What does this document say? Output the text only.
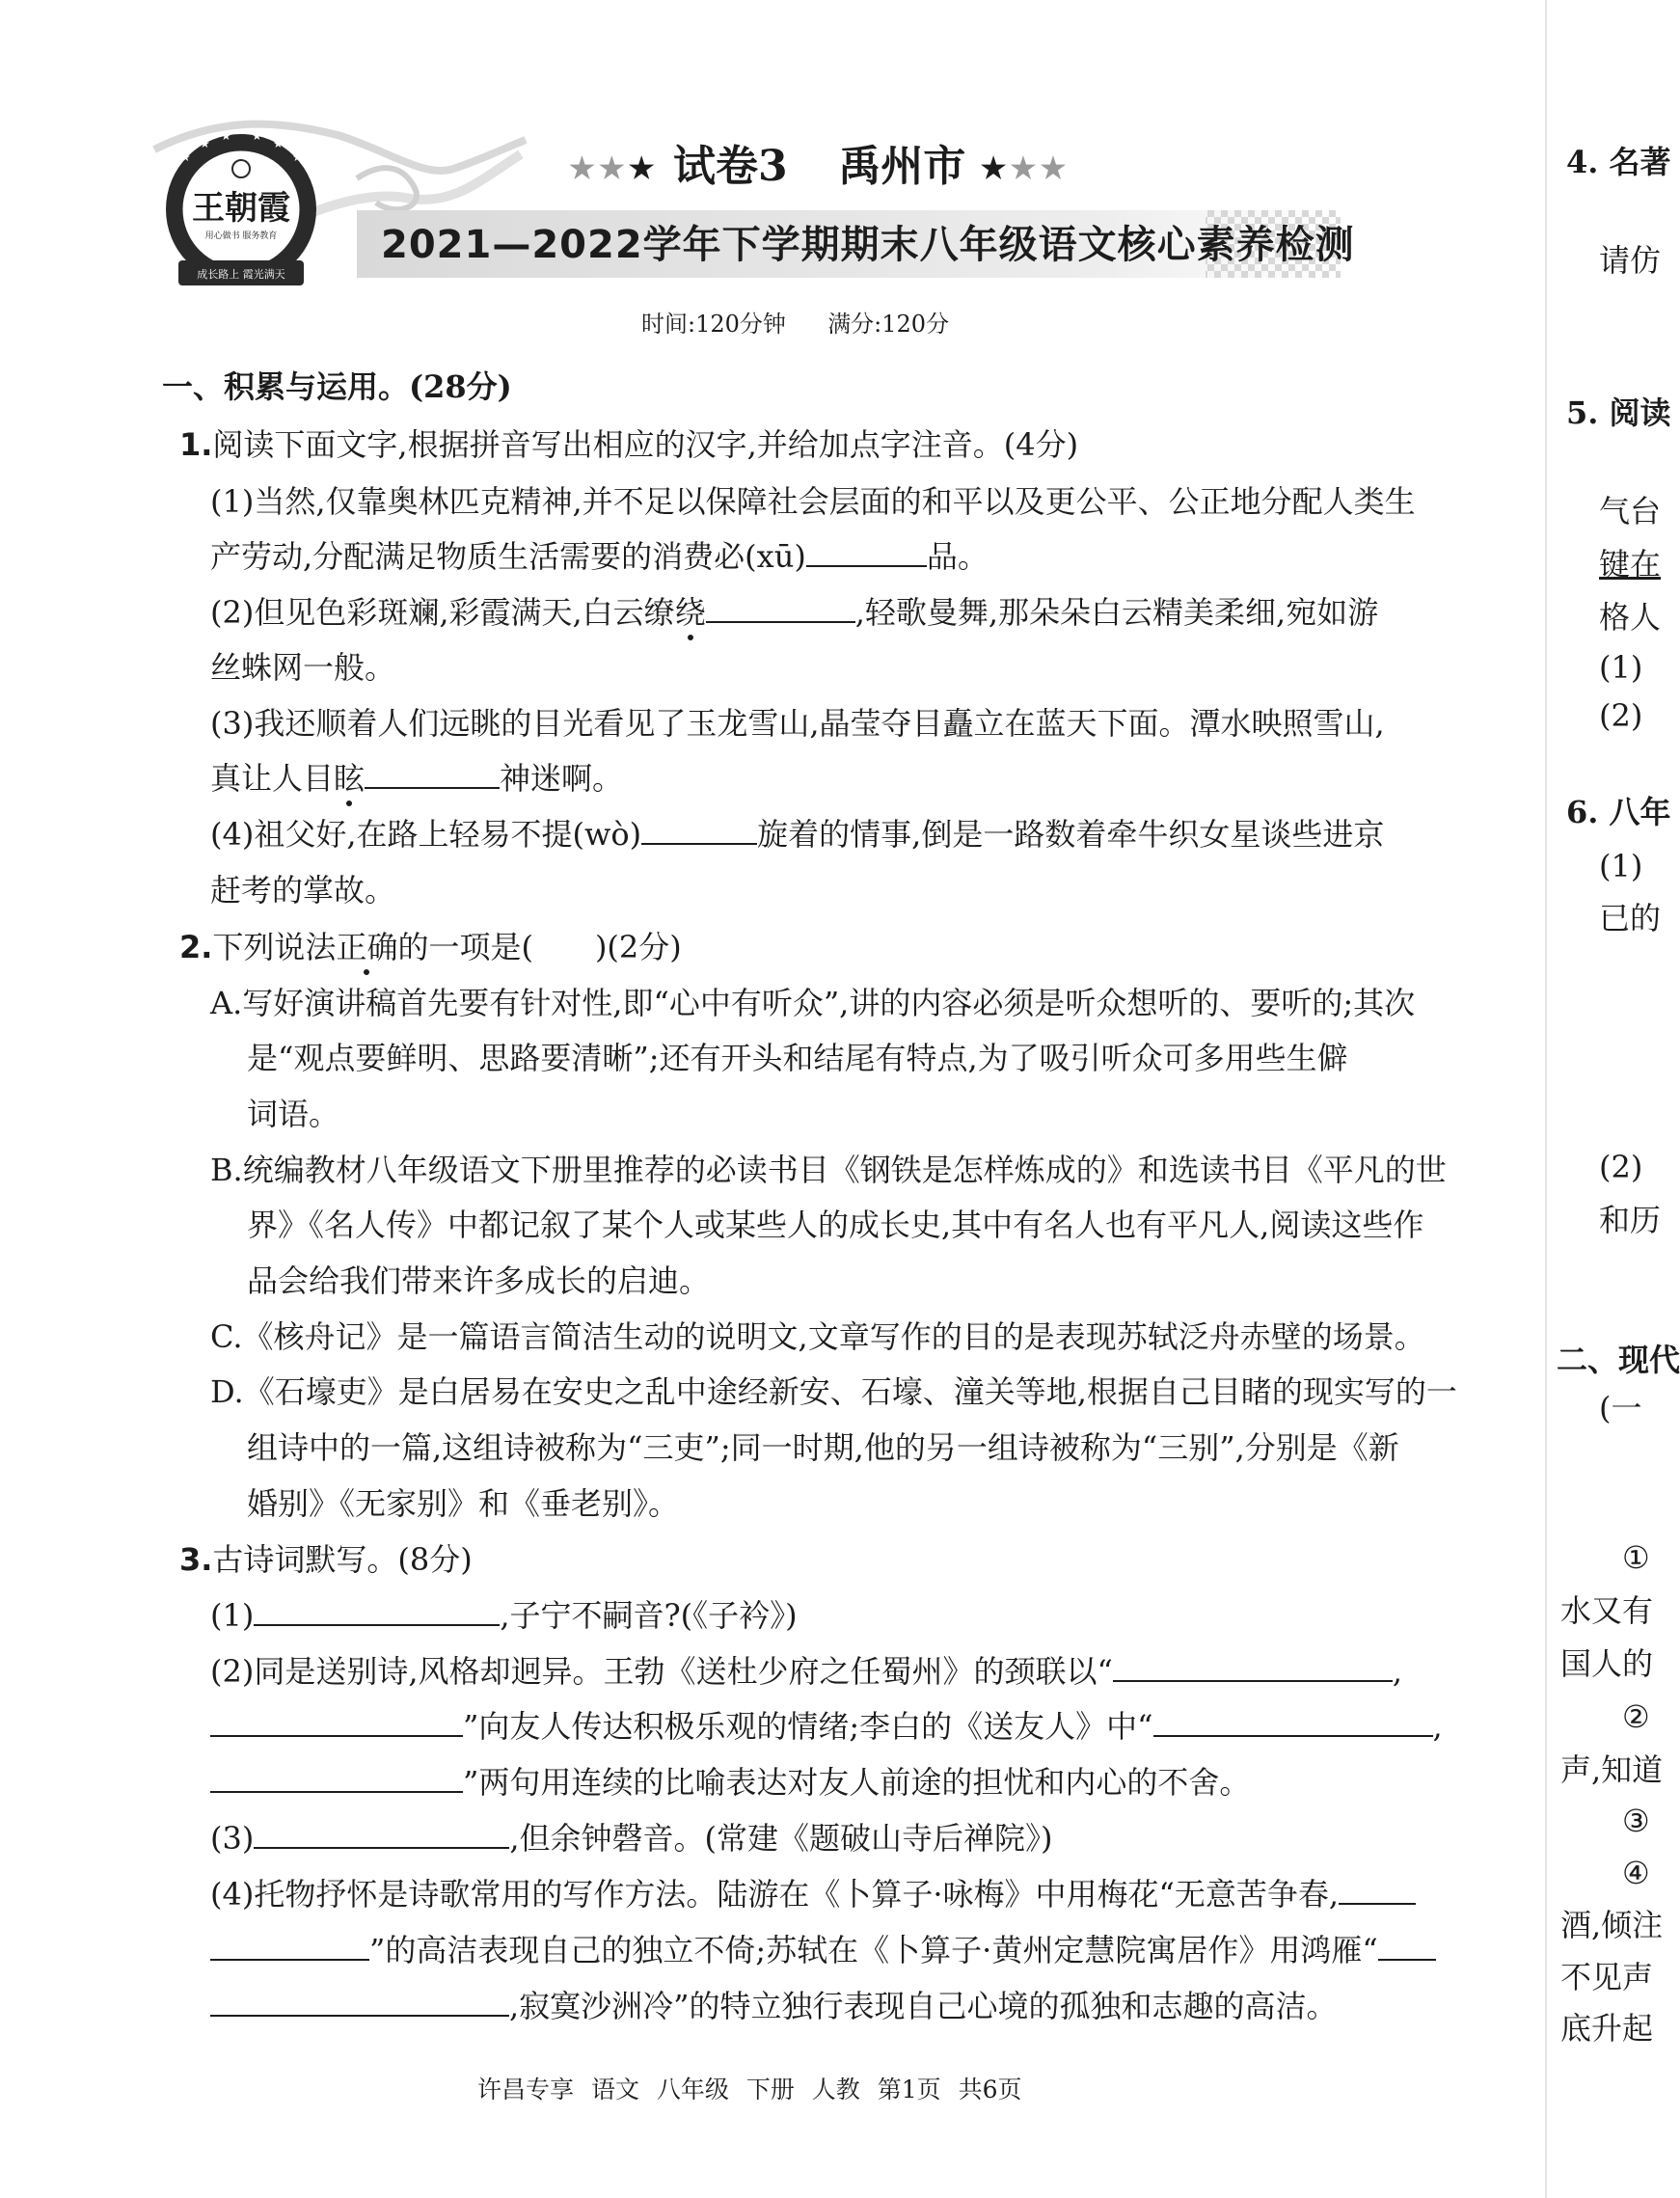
★
★
★ ★
★
★
王朝霞
用心做书 服务教育
成长路上 霞光满天
★★★ 试卷3 禹州市 ★★★
2021—2022学年下学期期末八年级语文核心素养检测
时间:120分钟 满分:120分
一、积累与运用。(28分)
1.阅读下面文字,根据拼音写出相应的汉字,并给加点字注音。(4分)
(1)当然,仅靠奥林匹克精神,并不足以保障社会层面的和平以及更公平、公正地分配人类生
产劳动,分配满足物质生活需要的消费必(xū)	品。
(2)但见色彩斑斓,彩霞满天,白云缭绕	,轻歌曼舞,那朵朵白云精美柔细,宛如游
丝蛛网一般。
(3)我还顺着人们远眺的目光看见了玉龙雪山,晶莹夺目矗立在蓝天下面。潭水映照雪山,
真让人目眩	神迷啊。
(4)祖父好,在路上轻易不提(wò)	旋着的情事,倒是一路数着牵牛织女星谈些进京
赶考的掌故。
2.下列说法正确的一项是(　　)(2分)
A.写好演讲稿首先要有针对性,即“心中有听众”,讲的内容必须是听众想听的、要听的;其次
是“观点要鲜明、思路要清晰”;还有开头和结尾有特点,为了吸引听众可多用些生僻
词语。
B.统编教材八年级语文下册里推荐的必读书目《钢铁是怎样炼成的》和选读书目《平凡的世
界》《名人传》中都记叙了某个人或某些人的成长史,其中有名人也有平凡人,阅读这些作
品会给我们带来许多成长的启迪。
C.《核舟记》是一篇语言简洁生动的说明文,文章写作的目的是表现苏轼泛舟赤壁的场景。
D.《石壕吏》是白居易在安史之乱中途经新安、石壕、潼关等地,根据自己目睹的现实写的一
组诗中的一篇,这组诗被称为“三吏”;同一时期,他的另一组诗被称为“三别”,分别是《新
婚别》《无家别》和《垂老别》。
3.古诗词默写。(8分)
(1)	,子宁不嗣音?(《子衿》)
(2)同是送别诗,风格却迥异。王勃《送杜少府之任蜀州》的颈联以“	,
”向友人传达积极乐观的情绪;李白的《送友人》中“	,
”两句用连续的比喻表达对友人前途的担忧和内心的不舍。
(3)	,但余钟磬音。(常建《题破山寺后禅院》)
(4)托物抒怀是诗歌常用的写作方法。陆游在《卜算子·咏梅》中用梅花“无意苦争春,
”的高洁表现自己的独立不倚;苏轼在《卜算子·黄州定慧院寓居作》用鸿雁“
,寂寞沙洲冷”的特立独行表现自己心境的孤独和志趣的高洁。
许昌专享 语文 八年级 下册 人教 第1页 共6页
4. 名著
请仿
5. 阅读
气台
键在
格人
(1)
(2)
6. 八年
(1)
已的
(2)
和历
二、现代
(一
①
水又有
国人的
②
声,知道
③
④
酒,倾注
不见声
底升起
